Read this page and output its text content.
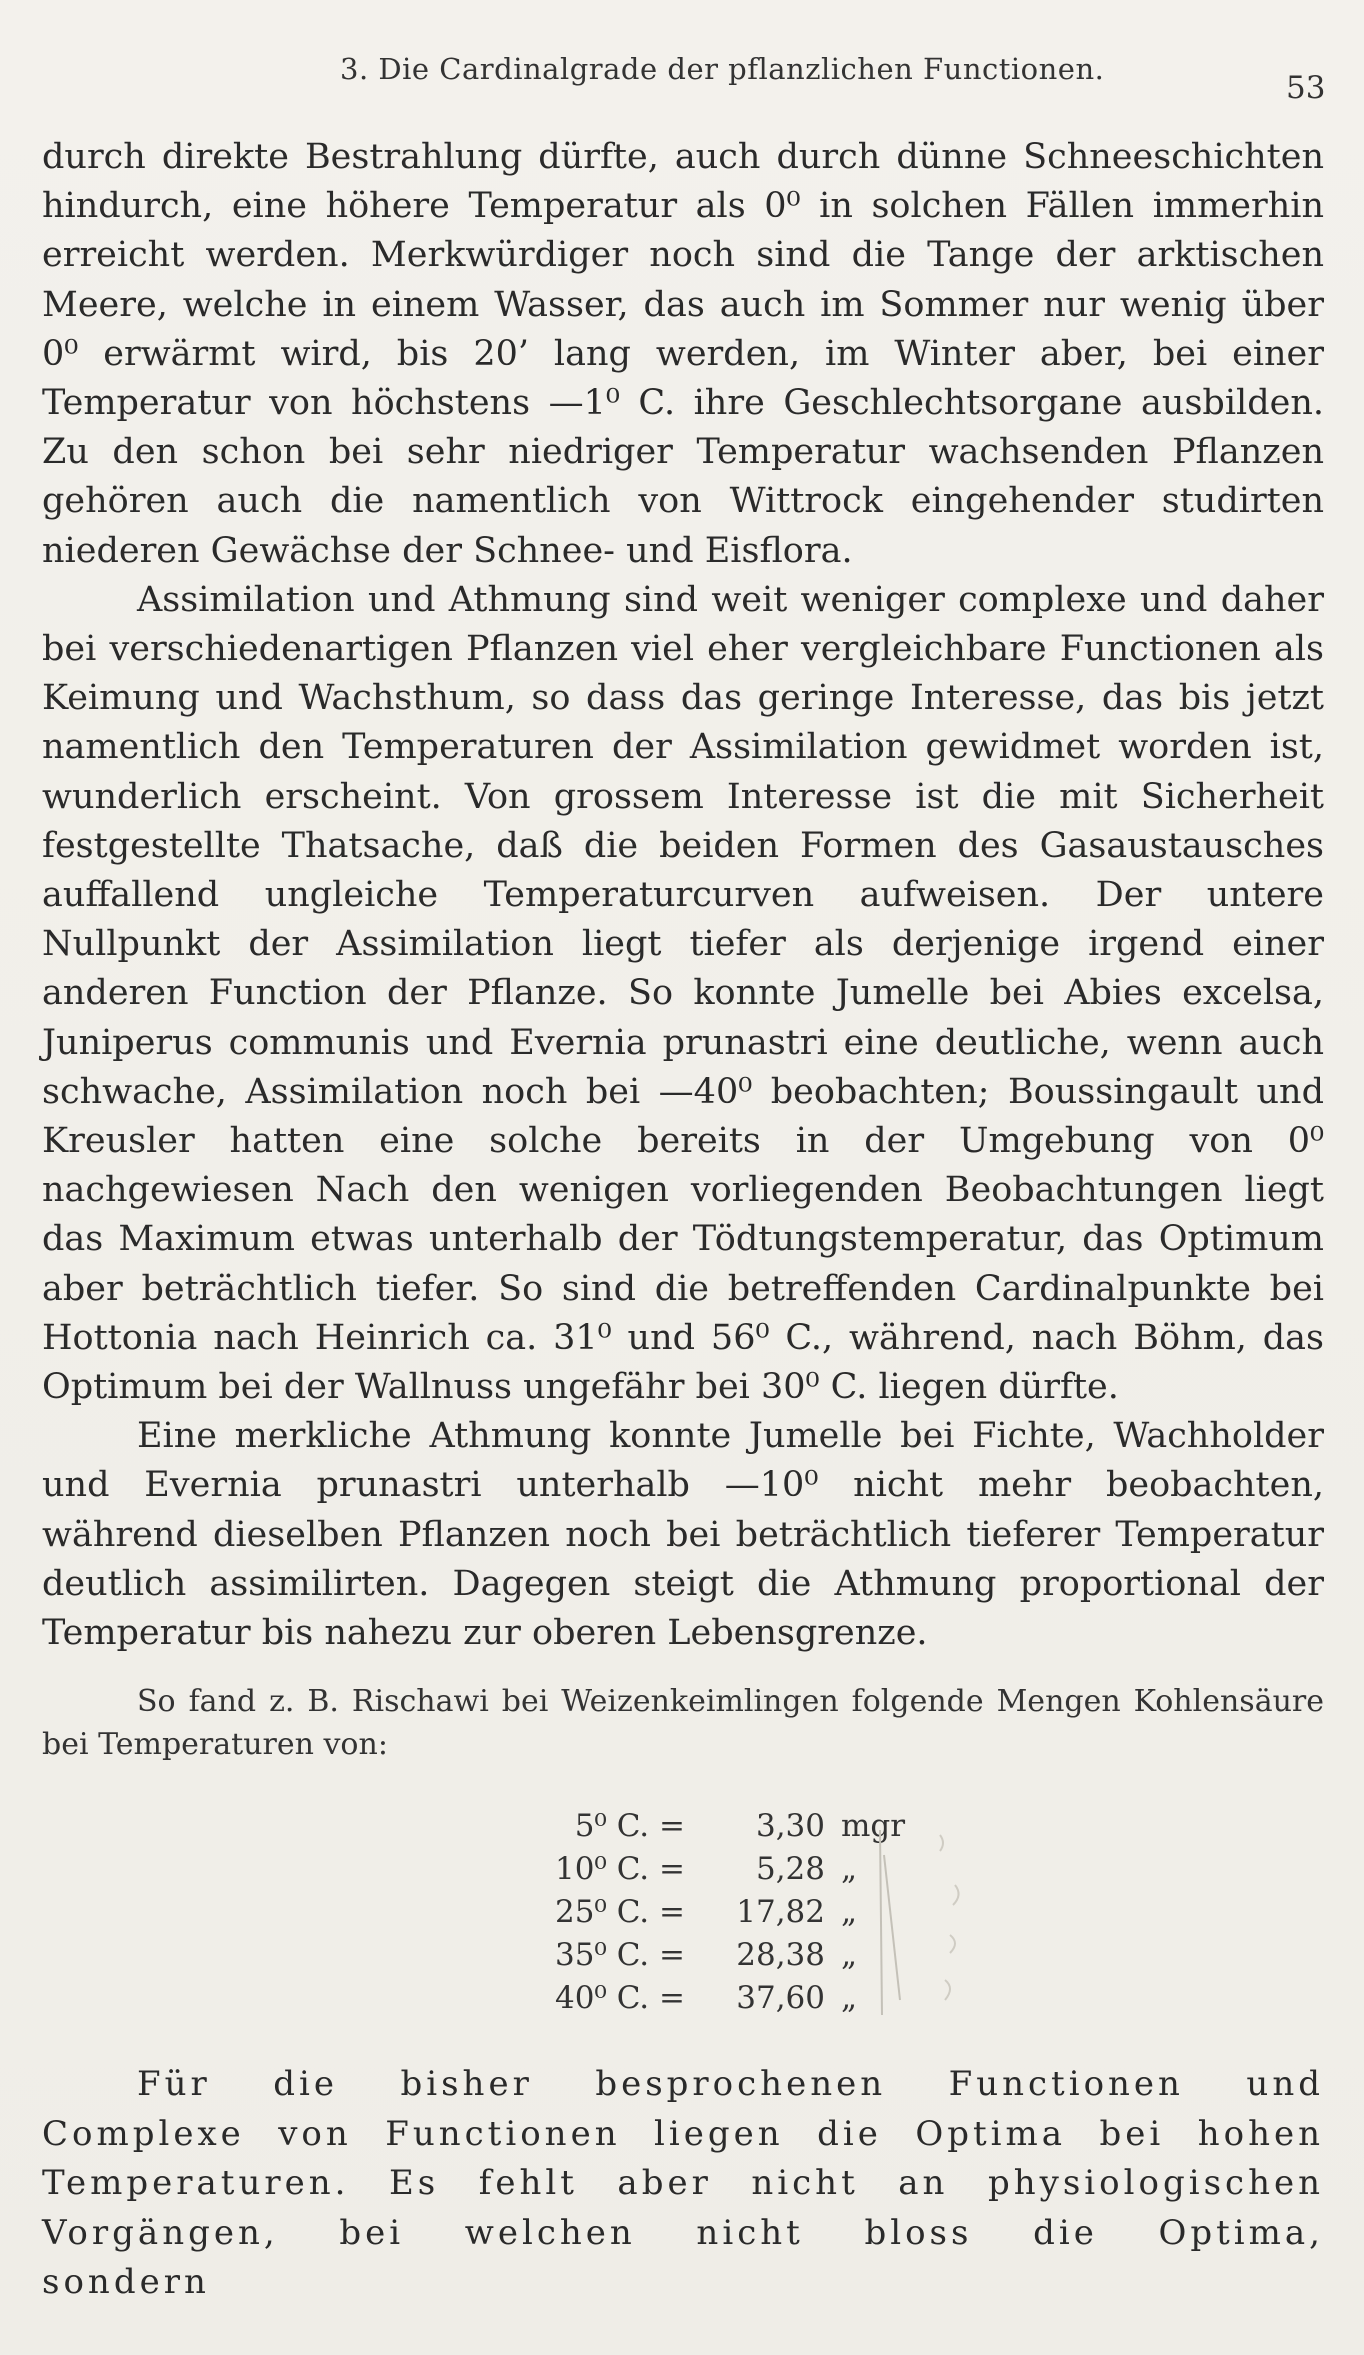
3. Die Cardinalgrade der pflanzlichen Functionen.
53

durch direkte Bestrahlung dürfte, auch durch dünne Schneeschichten hindurch, eine höhere Temperatur als 0⁰ in solchen Fällen immerhin erreicht werden. Merkwürdiger noch sind die Tange der arktischen Meere, welche in einem Wasser, das auch im Sommer nur wenig über 0⁰ erwärmt wird, bis 20’ lang werden, im Winter aber, bei einer Temperatur von höchstens —1⁰ C. ihre Geschlechtsorgane ausbilden. Zu den schon bei sehr niedriger Temperatur wachsenden Pflanzen gehören auch die namentlich von Wittrock eingehender studirten niederen Gewächse der Schnee- und Eisflora.

Assimilation und Athmung sind weit weniger complexe und daher bei verschiedenartigen Pflanzen viel eher vergleichbare Functionen als Keimung und Wachsthum, so dass das geringe Interesse, das bis jetzt namentlich den Temperaturen der Assimilation gewidmet worden ist, wunderlich erscheint. Von grossem Interesse ist die mit Sicherheit festgestellte Thatsache, daß die beiden Formen des Gasaustausches auffallend ungleiche Temperaturcurven aufweisen. Der untere Nullpunkt der Assimilation liegt tiefer als derjenige irgend einer anderen Function der Pflanze. So konnte Jumelle bei Abies excelsa, Juniperus communis und Evernia prunastri eine deutliche, wenn auch schwache, Assimilation noch bei —40⁰ beobachten; Boussingault und Kreusler hatten eine solche bereits in der Umgebung von 0⁰ nachgewiesen Nach den wenigen vorliegenden Beobachtungen liegt das Maximum etwas unterhalb der Tödtungstemperatur, das Optimum aber beträchtlich tiefer. So sind die betreffenden Cardinalpunkte bei Hottonia nach Heinrich ca. 31⁰ und 56⁰ C., während, nach Böhm, das Optimum bei der Wallnuss ungefähr bei 30⁰ C. liegen dürfte.

Eine merkliche Athmung konnte Jumelle bei Fichte, Wachholder und Evernia prunastri unterhalb —10⁰ nicht mehr beobachten, während dieselben Pflanzen noch bei beträchtlich tieferer Temperatur deutlich assimilirten. Dagegen steigt die Athmung proportional der Temperatur bis nahezu zur oberen Lebensgrenze.

So fand z. B. Rischawi bei Weizenkeimlingen folgende Mengen Kohlensäure bei Temperaturen von:
5⁰ C. =	3,30 mgr
10⁰ C. =	5,28 „
25⁰ C. =	17,82 „
35⁰ C. =	28,38 „
40⁰ C. =	37,60 „
Für die bisher besprochenen Functionen und Complexe von Functionen liegen die Optima bei hohen Temperaturen. Es fehlt aber nicht an physiologischen Vorgängen, bei welchen nicht bloss die Optima, sondern
